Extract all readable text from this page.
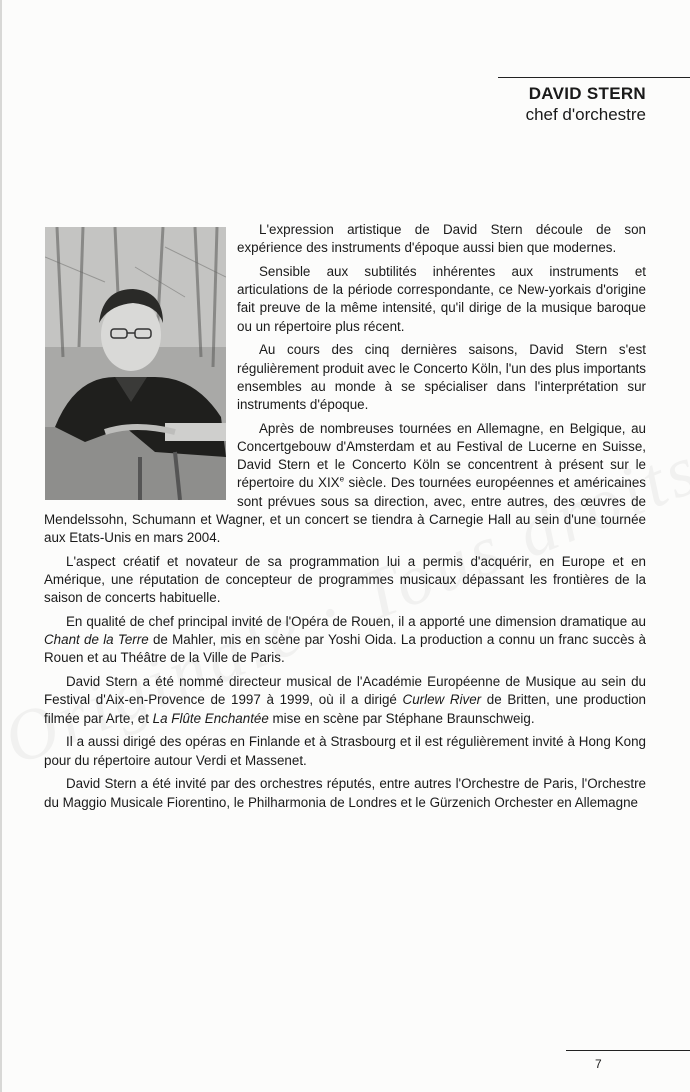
DAVID STERN
chef d'orchestre

L'expression artistique de David Stern découle de son expérience des instruments d'époque aussi bien que modernes.

Sensible aux subtilités inhérentes aux instruments et articulations de la période correspondante, ce New-yorkais d'origine fait preuve de la même intensité, qu'il dirige de la musique baroque ou un répertoire plus récent.

Au cours des cinq dernières saisons, David Stern s'est régulièrement produit avec le Concerto Köln, l'un des plus importants ensembles au monde à se spécialiser dans l'interprétation sur instruments d'époque.

Après de nombreuses tournées en Allemagne, en Belgique, au Concertgebouw d'Amsterdam et au Festival de Lucerne en Suisse, David Stern et le Concerto Köln se concentrent à présent sur le répertoire du XIXe siècle. Des tournées européennes et américaines sont prévues sous sa direction, avec, entre autres, des œuvres de Mendelssohn, Schumann et Wagner, et un concert se tiendra à Carnegie Hall au sein d'une tournée aux Etats-Unis en mars 2004.

L'aspect créatif et novateur de sa programmation lui a permis d'acquérir, en Europe et en Amérique, une réputation de concepteur de programmes musicaux dépassant les frontières de la saison de concerts habituelle.

En qualité de chef principal invité de l'Opéra de Rouen, il a apporté une dimension dramatique au Chant de la Terre de Mahler, mis en scène par Yoshi Oida. La production a connu un franc succès à Rouen et au Théâtre de la Ville de Paris.

David Stern a été nommé directeur musical de l'Académie Européenne de Musique au sein du Festival d'Aix-en-Provence de 1997 à 1999, où il a dirigé Curlew River de Britten, une production filmée par Arte, et La Flûte Enchantée mise en scène par Stéphane Braunschweig.

Il a aussi dirigé des opéras en Finlande et à Strasbourg et il est régulièrement invité à Hong Kong pour du répertoire autour Verdi et Massenet.

David Stern a été invité par des orchestres réputés, entre autres l'Orchestre de Paris, l'Orchestre du Maggio Musicale Fiorentino, le Philharmonia de Londres et le Gürzenich Orchester en Allemagne

7
